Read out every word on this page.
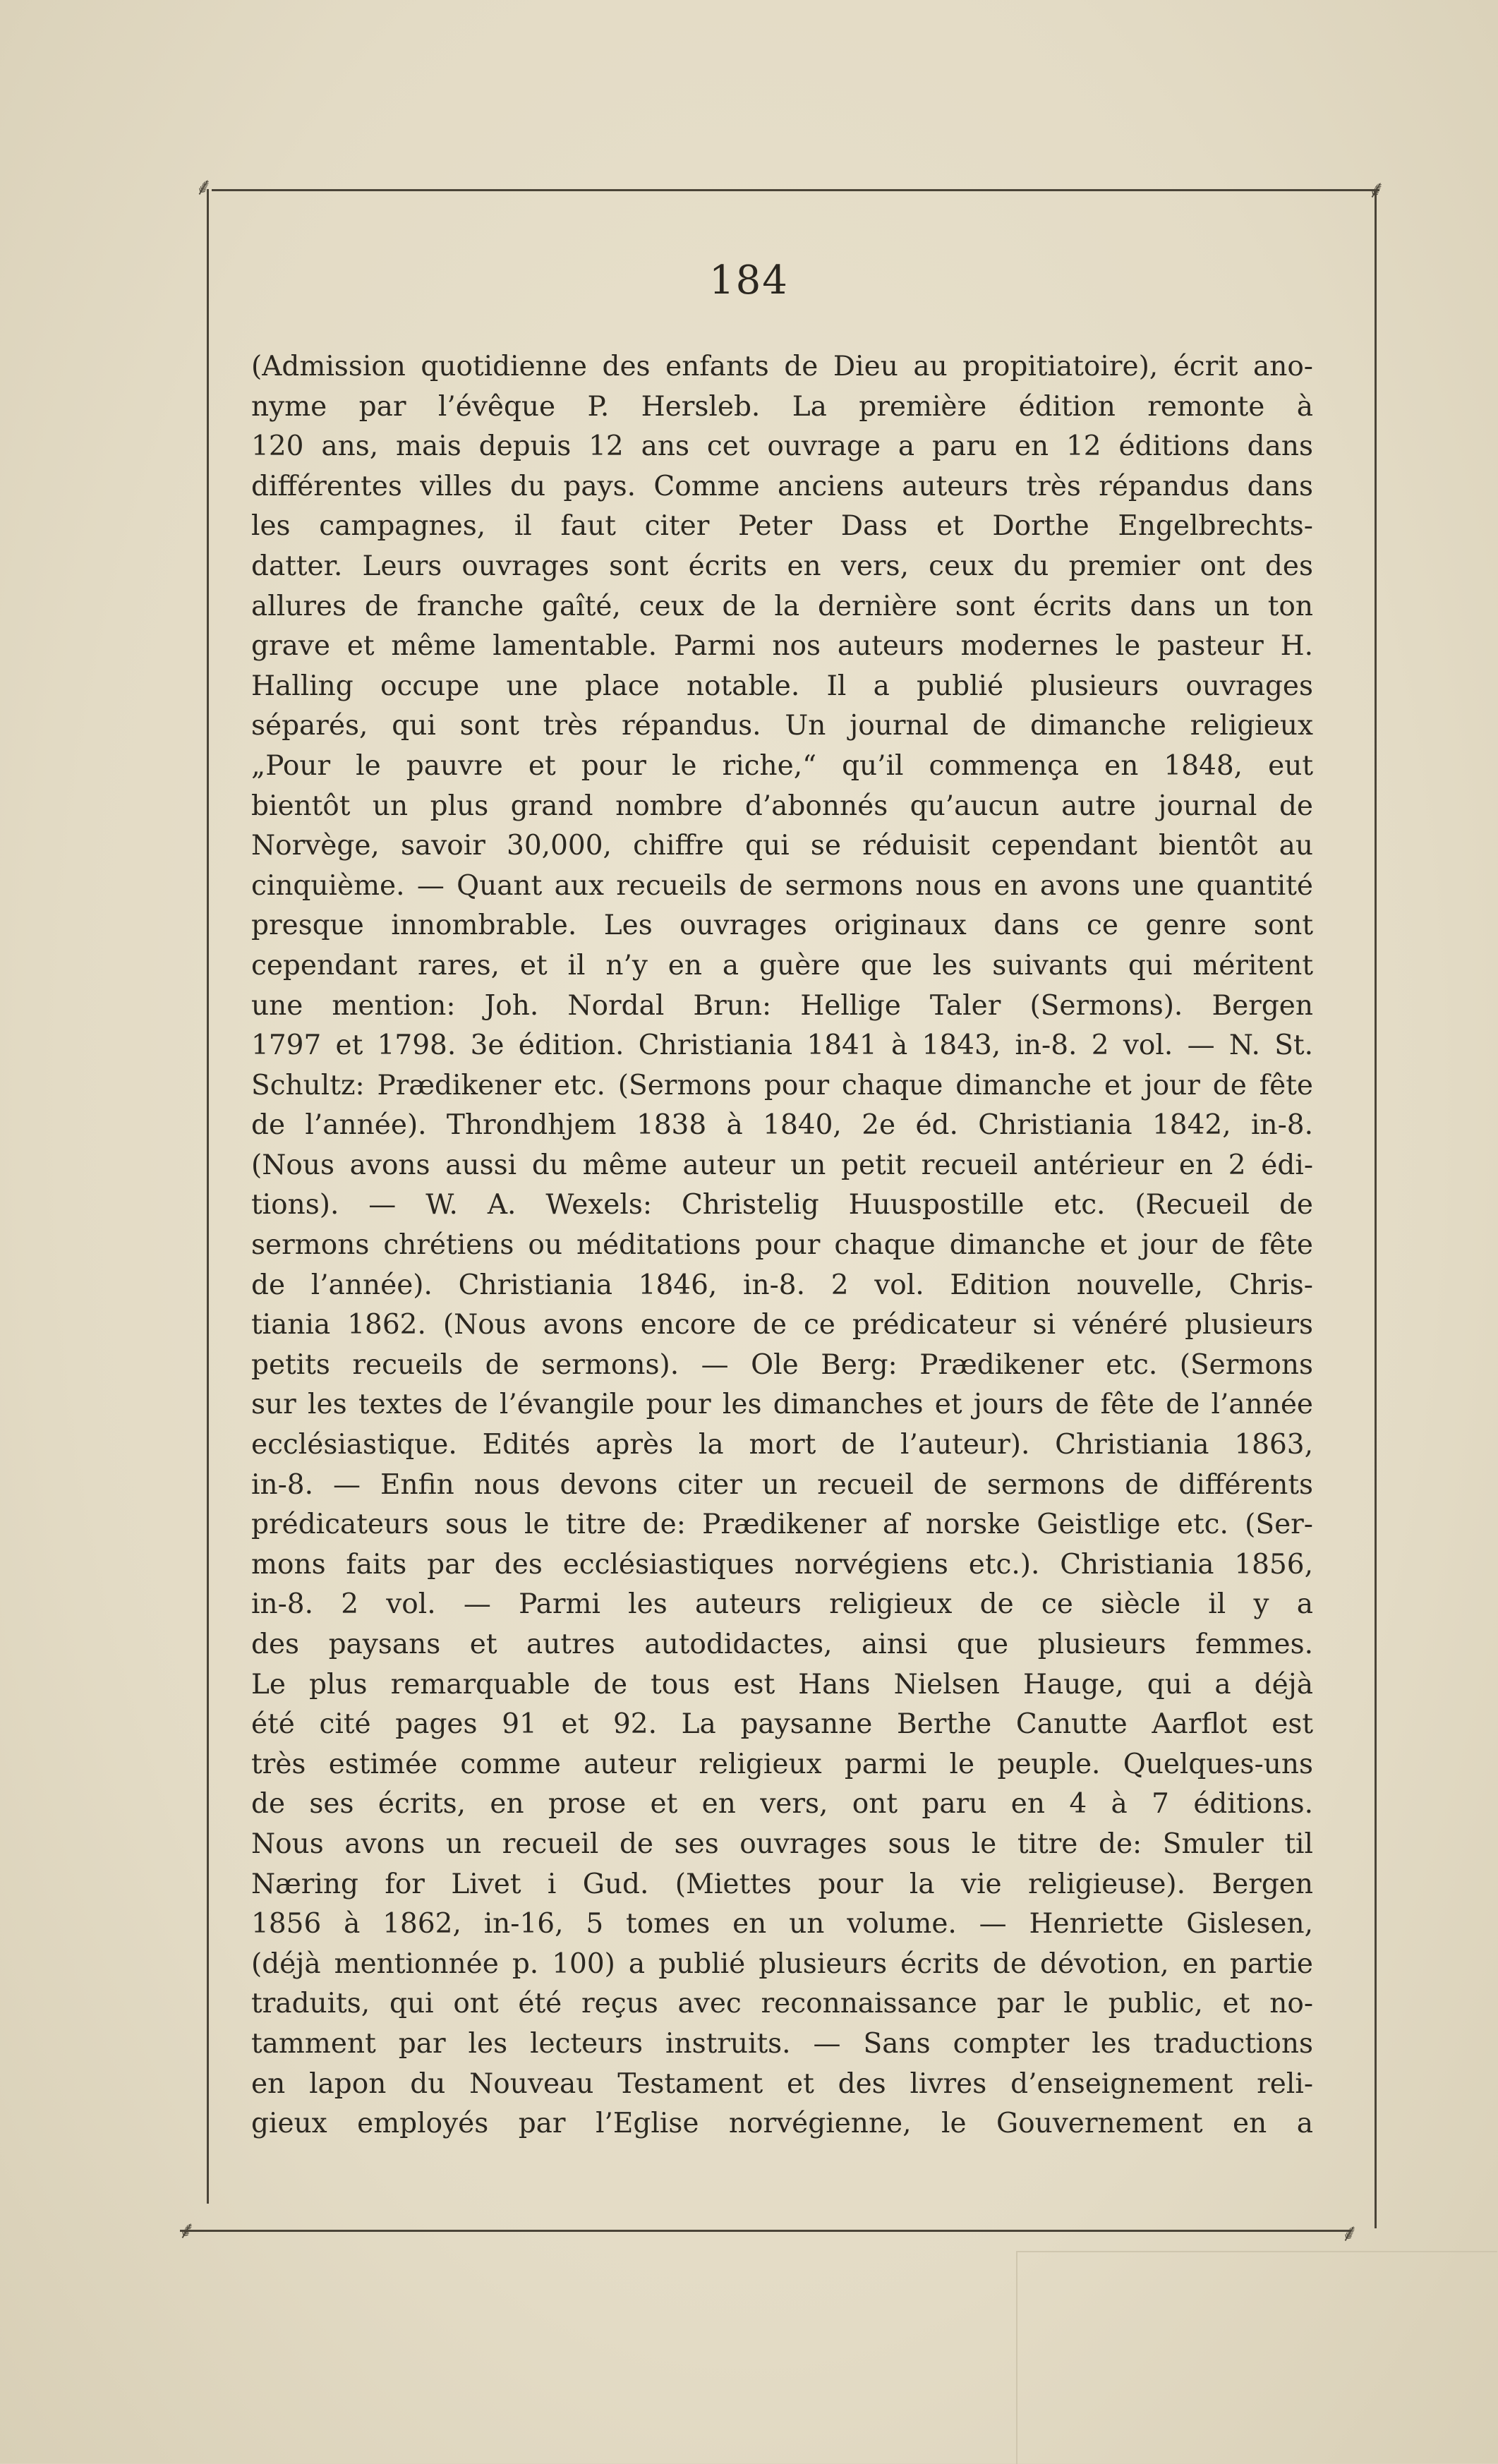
⸙	⸙
⸙	⸙
184
(Admission quotidienne des enfants de Dieu au propitiatoire), écrit ano-
nyme par l’évêque P. Hersleb. La première édition remonte à
120 ans, mais depuis 12 ans cet ouvrage a paru en 12 éditions dans
différentes villes du pays. Comme anciens auteurs très répandus dans
les campagnes, il faut citer Peter Dass et Dorthe Engelbrechts-
datter. Leurs ouvrages sont écrits en vers, ceux du premier ont des
allures de franche gaîté, ceux de la dernière sont écrits dans un ton
grave et même lamentable. Parmi nos auteurs modernes le pasteur H.
Halling occupe une place notable. Il a publié plusieurs ouvrages
séparés, qui sont très répandus. Un journal de dimanche religieux
„Pour le pauvre et pour le riche,“ qu’il commença en 1848, eut
bientôt un plus grand nombre d’abonnés qu’aucun autre journal de
Norvège, savoir 30,000, chiffre qui se réduisit cependant bientôt au
cinquième. — Quant aux recueils de sermons nous en avons une quantité
presque innombrable. Les ouvrages originaux dans ce genre sont
cependant rares, et il n’y en a guère que les suivants qui méritent
une mention: Joh. Nordal Brun: Hellige Taler (Sermons). Bergen
1797 et 1798. 3e édition. Christiania 1841 à 1843, in-8. 2 vol. — N. St.
Schultz: Prædikener etc. (Sermons pour chaque dimanche et jour de fête
de l’année). Throndhjem 1838 à 1840, 2e éd. Christiania 1842, in-8.
(Nous avons aussi du même auteur un petit recueil antérieur en 2 édi-
tions). — W. A. Wexels: Christelig Huuspostille etc. (Recueil de
sermons chrétiens ou méditations pour chaque dimanche et jour de fête
de l’année). Christiania 1846, in-8. 2 vol. Edition nouvelle, Chris-
tiania 1862. (Nous avons encore de ce prédicateur si vénéré plusieurs
petits recueils de sermons). — Ole Berg: Prædikener etc. (Sermons
sur les textes de l’évangile pour les dimanches et jours de fête de l’année
ecclésiastique. Edités après la mort de l’auteur). Christiania 1863,
in-8. — Enfin nous devons citer un recueil de sermons de différents
prédicateurs sous le titre de: Prædikener af norske Geistlige etc. (Ser-
mons faits par des ecclésiastiques norvégiens etc.). Christiania 1856,
in-8. 2 vol. — Parmi les auteurs religieux de ce siècle il y a
des paysans et autres autodidactes, ainsi que plusieurs femmes.
Le plus remarquable de tous est Hans Nielsen Hauge, qui a déjà
été cité pages 91 et 92. La paysanne Berthe Canutte Aarflot est
très estimée comme auteur religieux parmi le peuple. Quelques-uns
de ses écrits, en prose et en vers, ont paru en 4 à 7 éditions.
Nous avons un recueil de ses ouvrages sous le titre de: Smuler til
Næring for Livet i Gud. (Miettes pour la vie religieuse). Bergen
1856 à 1862, in-16, 5 tomes en un volume. — Henriette Gislesen,
(déjà mentionnée p. 100) a publié plusieurs écrits de dévotion, en partie
traduits, qui ont été reçus avec reconnaissance par le public, et no-
tamment par les lecteurs instruits. — Sans compter les traductions
en lapon du Nouveau Testament et des livres d’enseignement reli-
gieux employés par l’Eglise norvégienne, le Gouvernement en a
